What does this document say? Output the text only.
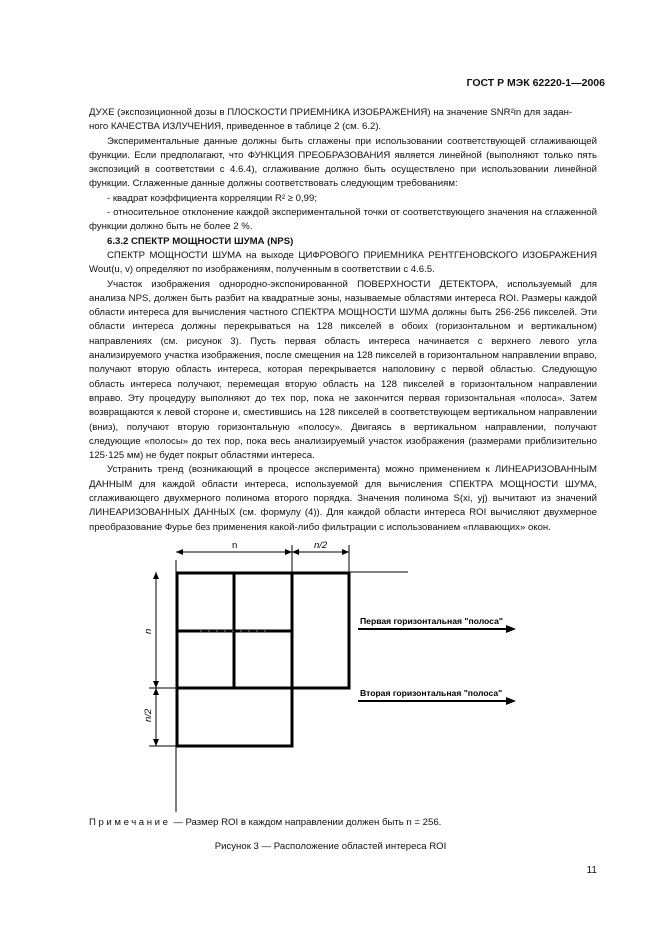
ГОСТ Р МЭК 62220-1—2006

ДУХЕ (экспозиционной дозы в ПЛОСКОСТИ ПРИЕМНИКА ИЗОБРАЖЕНИЯ) на значение SNR²in для задан-
ного КАЧЕСТВА ИЗЛУЧЕНИЯ, приведенное в таблице 2 (см. 6.2).

Экспериментальные данные должны быть сглажены при использовании соответствующей сглаживающей функции. Если предполагают, что ФУНКЦИЯ ПРЕОБРАЗОВАНИЯ является линейной (выполняют только пять экспозиций в соответствии с 4.6.4), сглаживание должно быть осуществлено при использовании линейной функции. Сглаженные данные должны соответствовать следующим требованиям:

- квадрат коэффициента корреляции R² ≥ 0,99;

- относительное отклонение каждой экспериментальной точки от соответствующего значения на сглаженной функции должно быть не более 2 %.

6.3.2 СПЕКТР МОЩНОСТИ ШУМА (NPS)

СПЕКТР МОЩНОСТИ ШУМА на выходе ЦИФРОВОГО ПРИЕМНИКА РЕНТГЕНОВСКОГО ИЗОБРАЖЕНИЯ Wout(u, v) определяют по изображениям, полученным в соответствии с 4.6.5.

Участок изображения однородно-экспонированной ПОВЕРХНОСТИ ДЕТЕКТОРА, используемый для анализа NPS, должен быть разбит на квадратные зоны, называемые областями интереса ROI. Размеры каждой области интереса для вычисления частного СПЕКТРА МОЩНОСТИ ШУМА должны быть 256·256 пикселей. Эти области интереса должны перекрываться на 128 пикселей в обоих (горизонтальном и вертикальном) направлениях (см. рисунок 3). Пусть первая область интереса начинается с верхнего левого угла анализируемого участка изображения, после смещения на 128 пикселей в горизонтальном направлении вправо, получают вторую область интереса, которая перекрывается наполовину с первой областью. Следующую область интереса получают, перемещая вторую область на 128 пикселей в горизонтальном направлении вправо. Эту процедуру выполняют до тех пор, пока не закончится первая горизонтальная «полоса». Затем возвращаются к левой стороне и, сместившись на 128 пикселей в соответствующем вертикальном направлении (вниз), получают вторую горизонтальную «полосу». Двигаясь в вертикальном направлении, получают следующие «полосы» до тех пор, пока весь анализируемый участок изображения (размерами приблизительно 125·125 мм) не будет покрыт областями интереса.

Устранить тренд (возникающий в процессе эксперимента) можно применением к ЛИНЕАРИЗОВАННЫМ ДАННЫМ для каждой области интереса, используемой для вычисления СПЕКТРА МОЩНОСТИ ШУМА, сглаживающего двухмерного полинома второго порядка. Значения полинома S(xi, yj) вычитают из значений ЛИНЕАРИЗОВАННЫХ ДАННЫХ (см. формулу (4)). Для каждой области интереса ROI вычисляют двухмерное преобразование Фурье без применения какой-либо фильтрации с использованием «плавающих» окон.

n	n/2
n
n/2
Первая горизонтальная "полоса"
Вторая горизонтальная "полоса"
Примечание — Размер ROI в каждом направлении должен быть n = 256.
Рисунок 3 — Расположение областей интереса ROI
11
